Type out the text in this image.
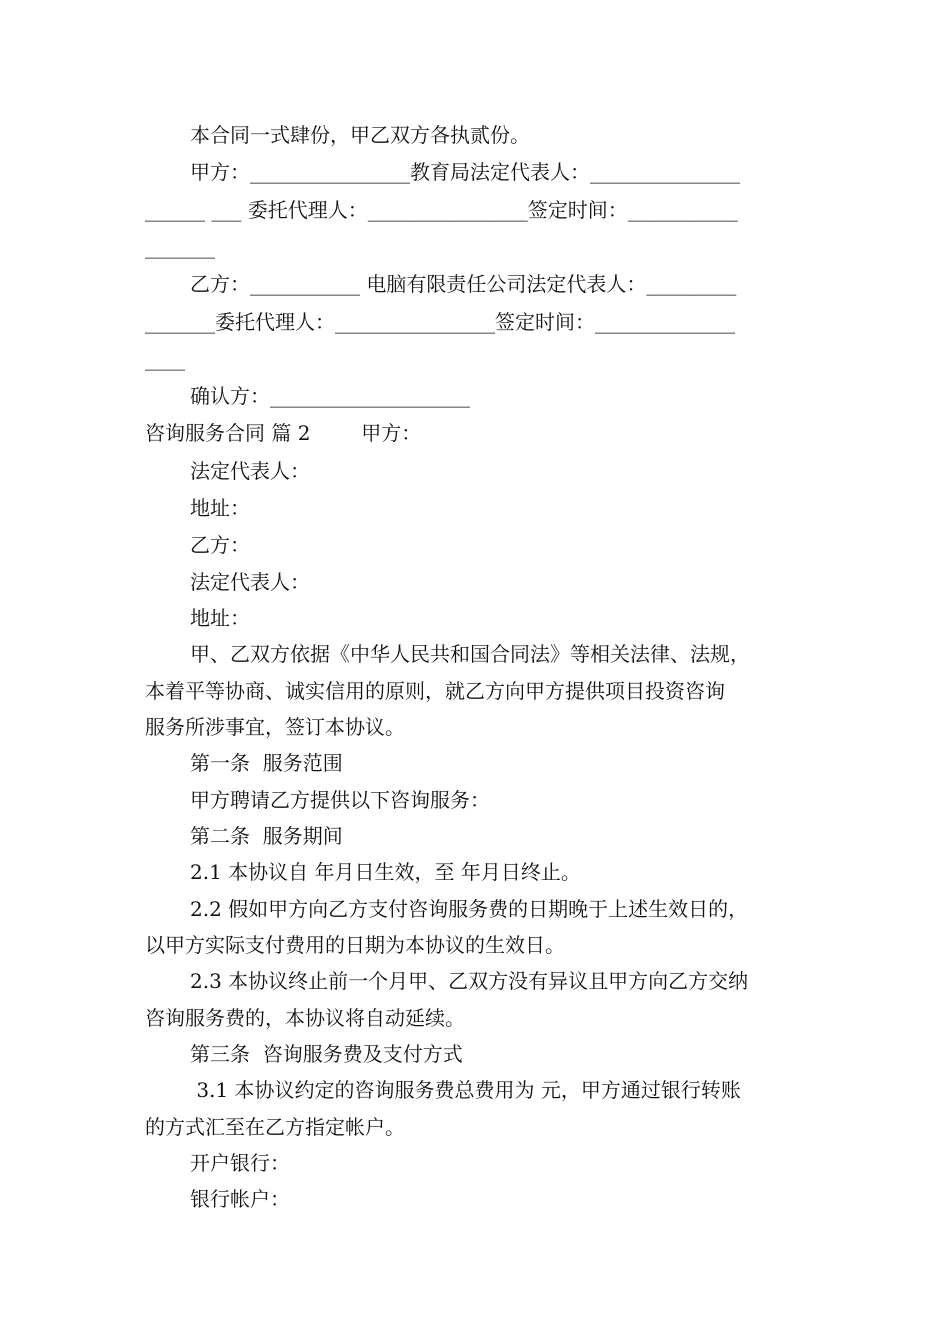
本合同一式肆份，甲乙双方各执贰份。
甲方：________________教育局法定代表人：_______________
______ ___ 委托代理人：________________签定时间：___________
_______
乙方：___________ 电脑有限责任公司法定代表人：_________
_______委托代理人：________________签定时间：______________
____
确认方：____________________
咨询服务合同 篇 2        甲方：
法定代表人：
地址：
乙方：
法定代表人：
地址：
甲、乙双方依据《中华人民共和国合同法》等相关法律、法规，
本着平等协商、诚实信用的原则，就乙方向甲方提供项目投资咨询
服务所涉事宜，签订本协议。
第一条  服务范围
甲方聘请乙方提供以下咨询服务：
第二条  服务期间
2.1 本协议自 年月日生效，至 年月日终止。
2.2 假如甲方向乙方支付咨询服务费的日期晚于上述生效日的，
以甲方实际支付费用的日期为本协议的生效日。
2.3 本协议终止前一个月甲、乙双方没有异议且甲方向乙方交纳
咨询服务费的，本协议将自动延续。
第三条  咨询服务费及支付方式
3.1 本协议约定的咨询服务费总费用为 元，甲方通过银行转账
的方式汇至在乙方指定帐户。
开户银行：
银行帐户：
